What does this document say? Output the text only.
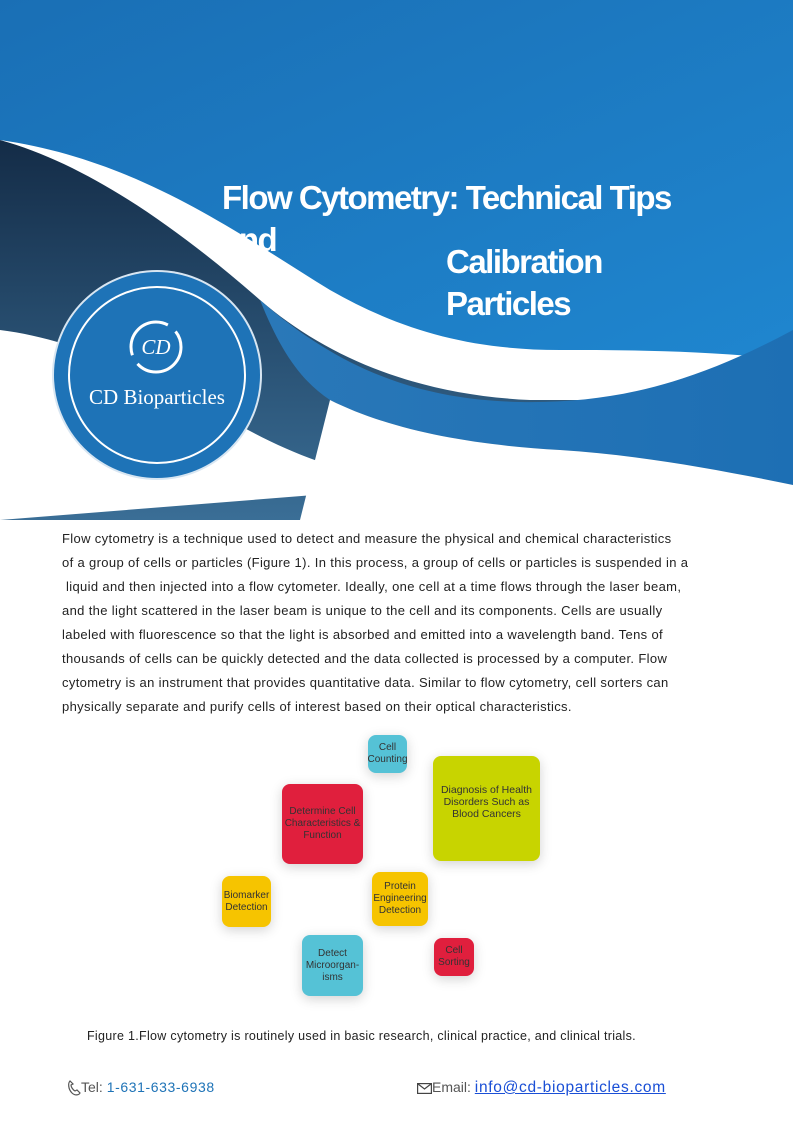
Flow Cytometry: Technical Tips
and
Calibration
Particles
CD
CD Bioparticles

Flow cytometry is a technique used to detect and measure the physical and chemical characteristics

of a group of cells or particles (Figure 1). In this process, a group of cells or particles is suspended in a

liquid and then injected into a flow cytometer. Ideally, one cell at a time flows through the laser beam,

and the light scattered in the laser beam is unique to the cell and its components. Cells are usually

labeled with fluorescence so that the light is absorbed and emitted into a wavelength band. Tens of

thousands of cells can be quickly detected and the data collected is processed by a computer. Flow

cytometry is an instrument that provides quantitative data. Similar to flow cytometry, cell sorters can

physically separate and purify cells of interest based on their optical characteristics.

Cell Counting
Diagnosis of Health Disorders Such as Blood Cancers
Determine Cell Characteristics & Function
Biomarker Detection
Protein Engineering Detection
Detect Microorgan-isms
Cell Sorting
Figure 1.Flow cytometry is routinely used in basic research, clinical practice, and clinical trials.
Tel: 1-631-633-6938	Email: info@cd-bioparticles.com
